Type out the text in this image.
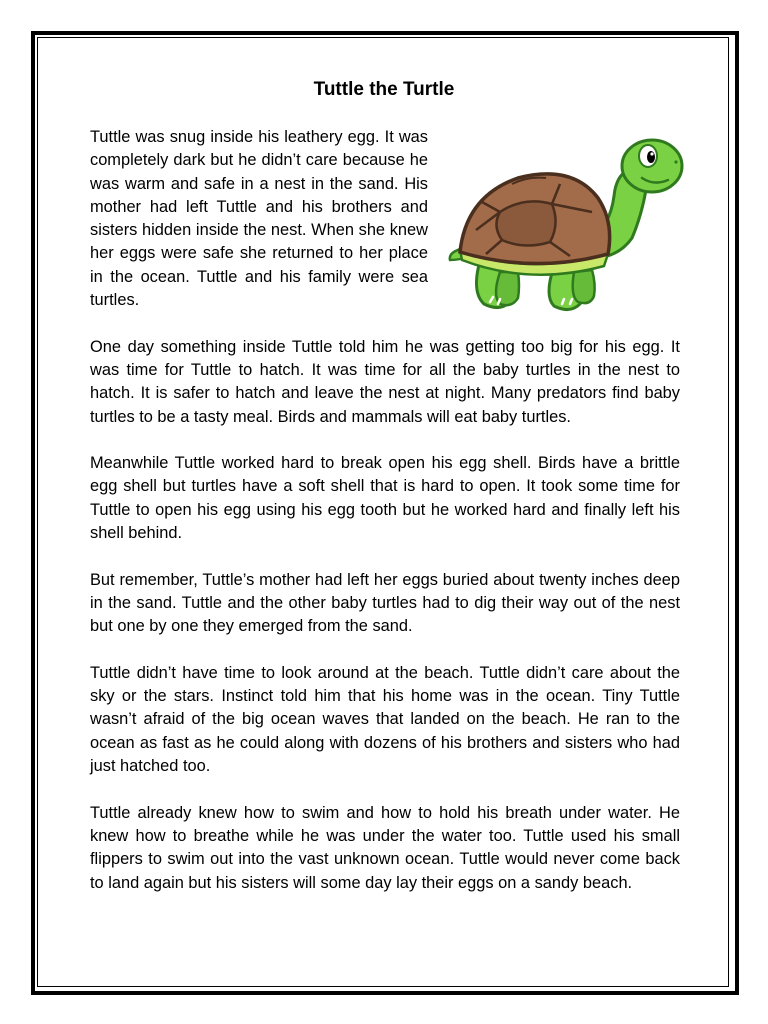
Tuttle the Turtle

Tuttle was snug inside his leathery egg. It was completely dark but he didn’t care because he was warm and safe in a nest in the sand. His mother had left Tuttle and his brothers and sisters hidden inside the nest. When she knew her eggs were safe she returned to her place in the ocean. Tuttle and his family were sea turtles.

One day something inside Tuttle told him he was getting too big for his egg. It was time for Tuttle to hatch. It was time for all the baby turtles in the nest to hatch. It is safer to hatch and leave the nest at night. Many predators find baby turtles to be a tasty meal. Birds and mammals will eat baby turtles.

Meanwhile Tuttle worked hard to break open his egg shell. Birds have a brittle egg shell but turtles have a soft shell that is hard to open. It took some time for Tuttle to open his egg using his egg tooth but he worked hard and finally left his shell behind.

But remember, Tuttle’s mother had left her eggs buried about twenty inches deep in the sand. Tuttle and the other baby turtles had to dig their way out of the nest but one by one they emerged from the sand.

Tuttle didn’t have time to look around at the beach. Tuttle didn’t care about the sky or the stars. Instinct told him that his home was in the ocean. Tiny Tuttle wasn’t afraid of the big ocean waves that landed on the beach. He ran to the ocean as fast as he could along with dozens of his brothers and sisters who had just hatched too.

Tuttle already knew how to swim and how to hold his breath under water. He knew how to breathe while he was under the water too. Tuttle used his small flippers to swim out into the vast unknown ocean. Tuttle would never come back to land again but his sisters will some day lay their eggs on a sandy beach.
